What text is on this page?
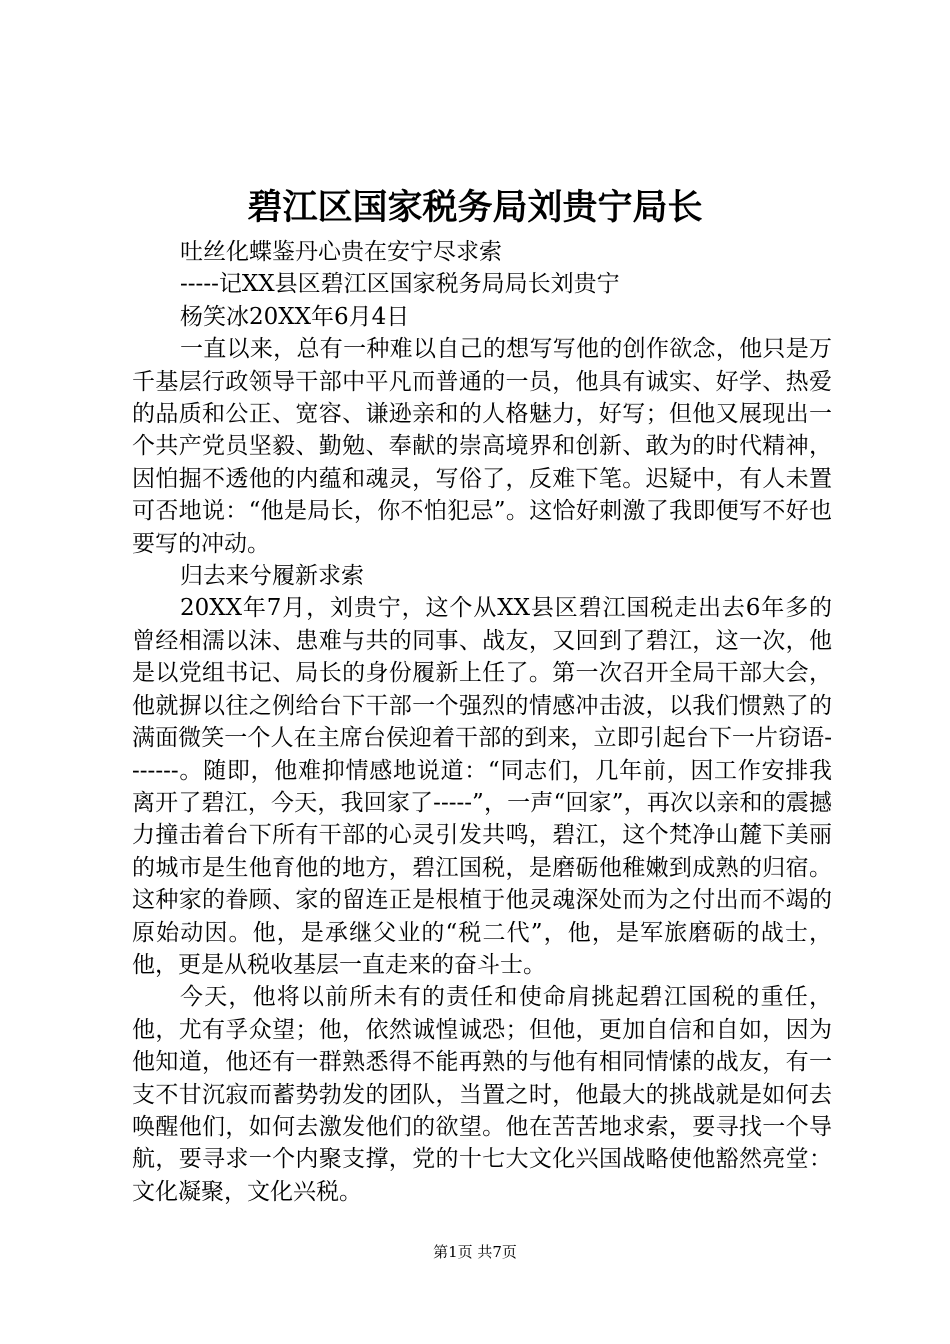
碧江区国家税务局刘贵宁局长

吐丝化蝶鉴丹心贵在安宁尽求索

-----记XX县区碧江区国家税务局局长刘贵宁

杨笑冰20XX年6月4日

一直以来，总有一种难以自己的想写写他的创作欲念，他只是万千基层行政领导干部中平凡而普通的一员，他具有诚实、好学、热爱的品质和公正、宽容、谦逊亲和的人格魅力，好写；但他又展现出一个共产党员坚毅、勤勉、奉献的崇高境界和创新、敢为的时代精神，因怕掘不透他的内蕴和魂灵，写俗了，反难下笔。迟疑中，有人未置可否地说：“他是局长，你不怕犯忌”。这恰好刺激了我即便写不好也要写的冲动。

归去来兮履新求索

20XX年7月，刘贵宁，这个从XX县区碧江国税走出去6年多的曾经相濡以沫、患难与共的同事、战友，又回到了碧江，这一次，他是以党组书记、局长的身份履新上任了。第一次召开全局干部大会，他就摒以往之例给台下干部一个强烈的情感冲击波，以我们惯熟了的满面微笑一个人在主席台侯迎着干部的到来，立即引起台下一片窃语-------。随即，他难抑情感地说道：“同志们，几年前，因工作安排我离开了碧江，今天，我回家了-----”，一声“回家”，再次以亲和的震撼力撞击着台下所有干部的心灵引发共鸣，碧江，这个梵净山麓下美丽的城市是生他育他的地方，碧江国税，是磨砺他稚嫩到成熟的归宿。这种家的眷顾、家的留连正是根植于他灵魂深处而为之付出而不竭的原始动因。他，是承继父业的“税二代”，他，是军旅磨砺的战士，他，更是从税收基层一直走来的奋斗士。

今天，他将以前所未有的责任和使命肩挑起碧江国税的重任，他，尤有孚众望；他，依然诚惶诚恐；但他，更加自信和自如，因为他知道，他还有一群熟悉得不能再熟的与他有相同情愫的战友，有一支不甘沉寂而蓄势勃发的团队，当置之时，他最大的挑战就是如何去唤醒他们，如何去激发他们的欲望。他在苦苦地求索，要寻找一个导航，要寻求一个内聚支撑，党的十七大文化兴国战略使他豁然亮堂：文化凝聚，文化兴税。

第1页 共7页
